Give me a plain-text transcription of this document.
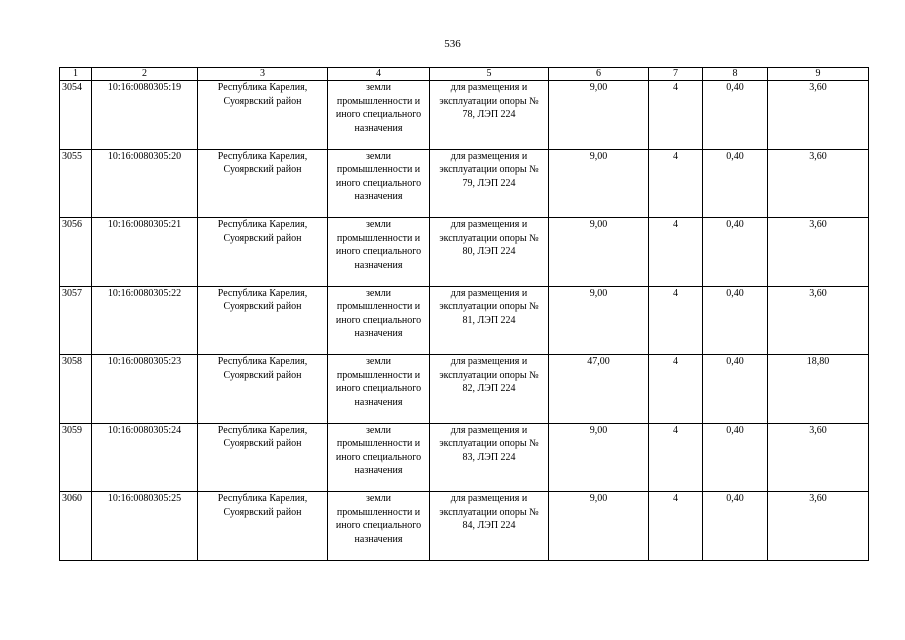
536
1	2	3	4	5	6	7	8	9
3054	10:16:0080305:19	Республика Карелия, Суоярвский район	земли промышленности и иного специального назначения	для размещения и эксплуатации опоры № 78, ЛЭП 224	9,00	4	0,40	3,60
3055	10:16:0080305:20	Республика Карелия, Суоярвский район	земли промышленности и иного специального назначения	для размещения и эксплуатации опоры № 79, ЛЭП 224	9,00	4	0,40	3,60
3056	10:16:0080305:21	Республика Карелия, Суоярвский район	земли промышленности и иного специального назначения	для размещения и эксплуатации опоры № 80, ЛЭП 224	9,00	4	0,40	3,60
3057	10:16:0080305:22	Республика Карелия, Суоярвский район	земли промышленности и иного специального назначения	для размещения и эксплуатации опоры № 81, ЛЭП 224	9,00	4	0,40	3,60
3058	10:16:0080305:23	Республика Карелия, Суоярвский район	земли промышленности и иного специального назначения	для размещения и эксплуатации опоры № 82, ЛЭП 224	47,00	4	0,40	18,80
3059	10:16:0080305:24	Республика Карелия, Суоярвский район	земли промышленности и иного специального назначения	для размещения и эксплуатации опоры № 83, ЛЭП 224	9,00	4	0,40	3,60
3060	10:16:0080305:25	Республика Карелия, Суоярвский район	земли промышленности и иного специального назначения	для размещения и эксплуатации опоры № 84, ЛЭП 224	9,00	4	0,40	3,60
